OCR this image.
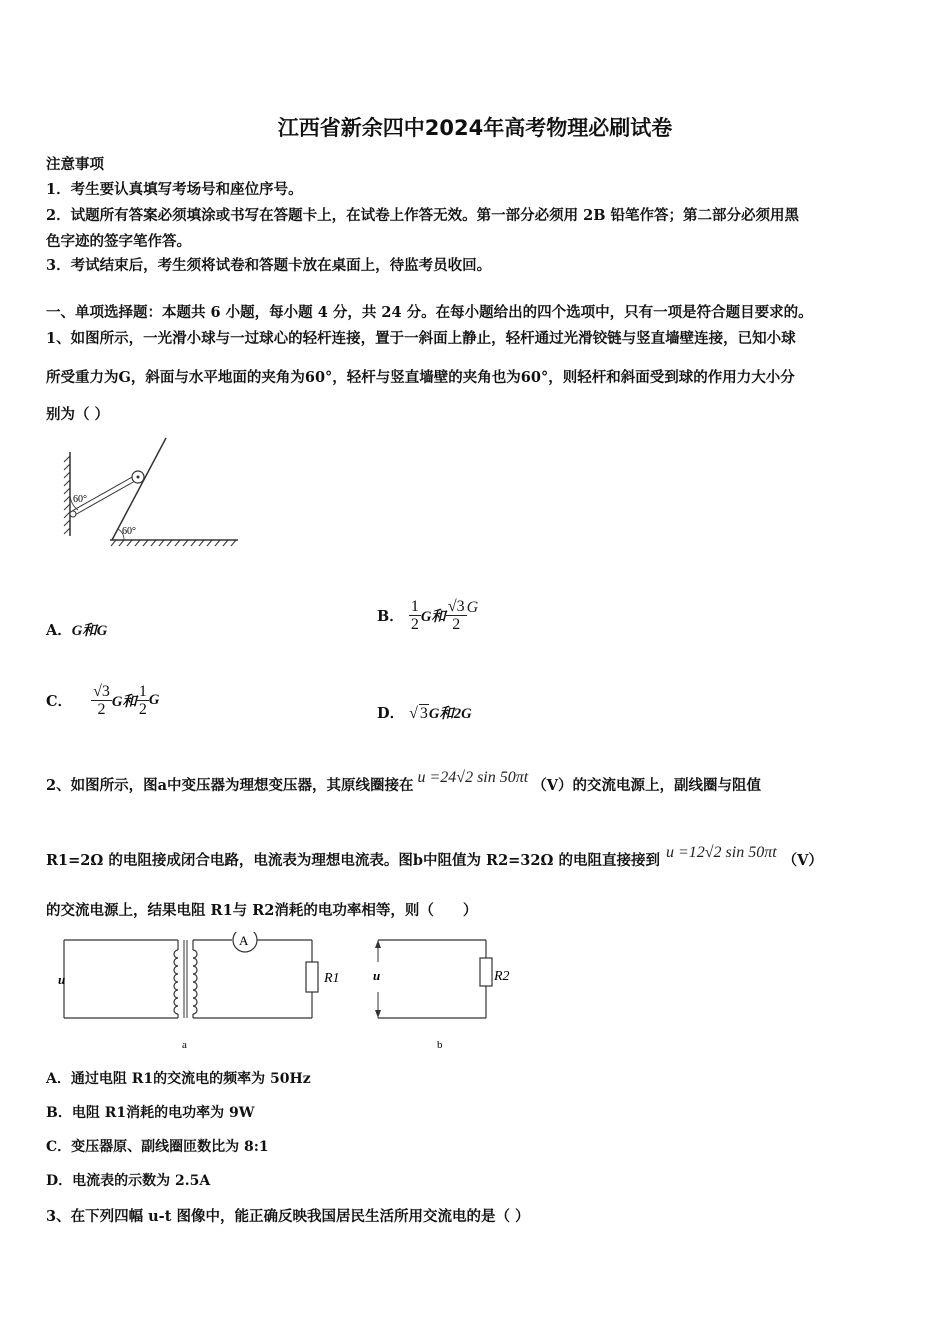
江西省新余四中2024年高考物理必刷试卷
注意事项
1．考生要认真填写考场号和座位序号。
2．试题所有答案必须填涂或书写在答题卡上，在试卷上作答无效。第一部分必须用 2B 铅笔作答；第二部分必须用黑
色字迹的签字笔作答。
3．考试结束后，考生须将试卷和答题卡放在桌面上，待监考员收回。
一、单项选择题：本题共 6 小题，每小题 4 分，共 24 分。在每小题给出的四个选项中，只有一项是符合题目要求的。
1、如图所示，一光滑小球与一过球心的轻杆连接，置于一斜面上静止，轻杆通过光滑铰链与竖直墙壁连接，已知小球
所受重力为G，斜面与水平地面的夹角为60°，轻杆与竖直墙壁的夹角也为60°，则轻杆和斜面受到球的作用力大小分
别为（ ）
60°
60°
A．G和G
B． $\frac{1}{2}$ G和 $\frac{√3}{2}$ G
C． $\frac{√3}{2}$ G和 $\frac{1}{2}$ G
D． √ 3G和2G
2、如图所示，图a中变压器为理想变压器，其原线圈接在 u =24√2 sin 50πt （V）的交流电源上，副线圈与阻值
R1=2Ω 的电阻接成闭合电路，电流表为理想电流表。图b中阻值为 R2=32Ω 的电阻直接接到 u =12√2 sin 50πt （V）
的交流电源上，结果电阻 R1与 R2消耗的电功率相等，则（　　）
A
u	R1
a
u	R2
b
A．通过电阻 R1的交流电的频率为 50Hz
B．电阻 R1消耗的电功率为 9W
C．变压器原、副线圈匝数比为 8:1
D．电流表的示数为 2.5A
3、在下列四幅 u-t 图像中，能正确反映我国居民生活所用交流电的是（ ）
